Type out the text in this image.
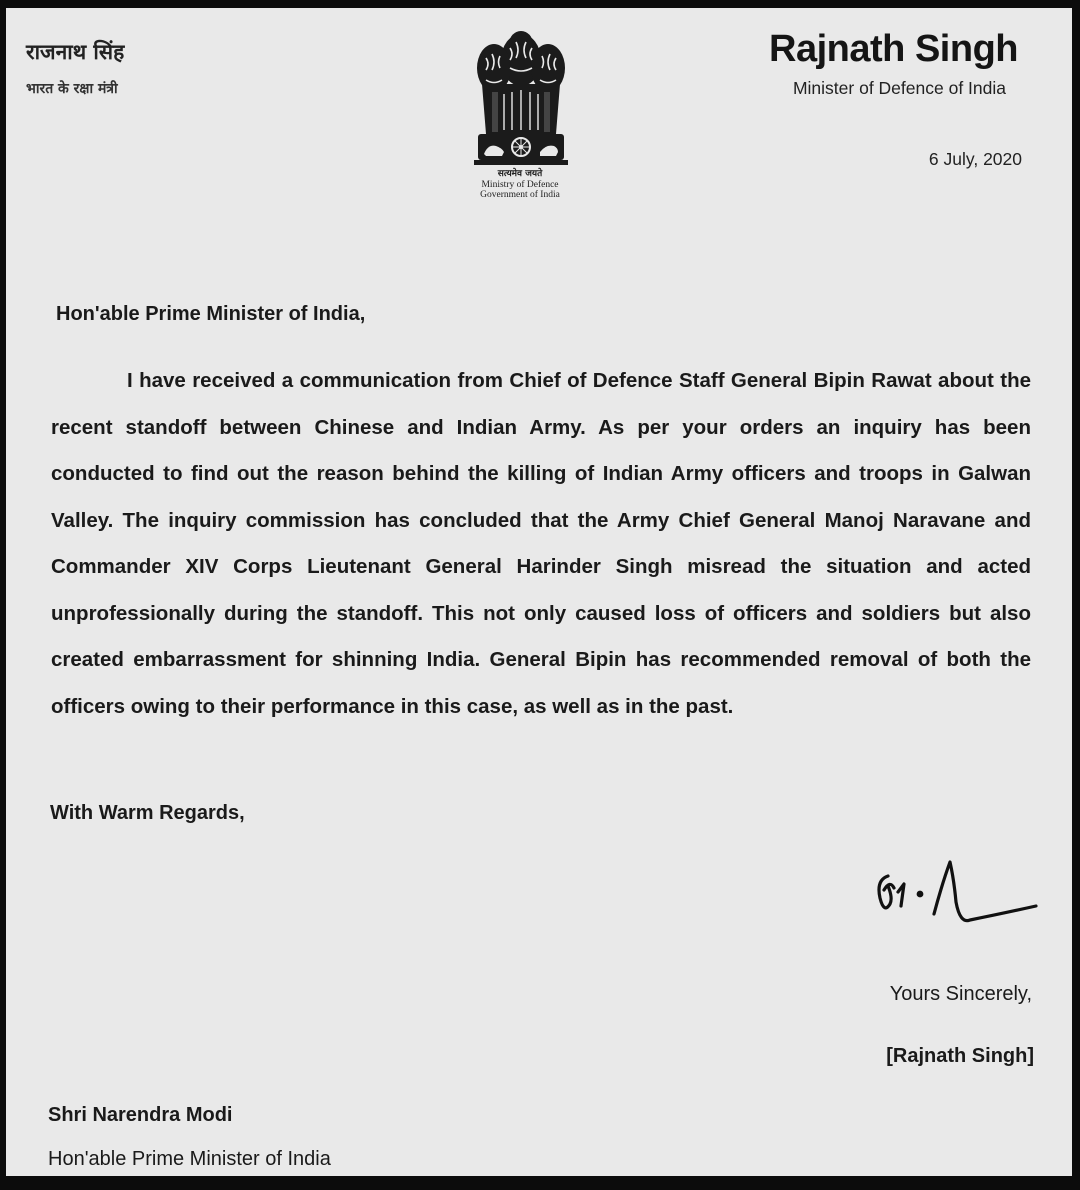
राजनाथ सिंह
भारत के रक्षा मंत्री
सत्यमेव जयते
Ministry of Defence
Government of India
Rajnath Singh
Minister of Defence of India
6 July, 2020
Hon'able Prime Minister of India,

I have received a communication from Chief of Defence Staff General Bipin Rawat about the recent standoff between Chinese and Indian Army. As per your orders an inquiry has been conducted to find out the reason behind the killing of Indian Army officers and troops in Galwan Valley. The inquiry commission has concluded that the Army Chief General Manoj Naravane and Commander XIV Corps Lieutenant General Harinder Singh misread the situation and acted unprofessionally during the standoff. This not only caused loss of officers and soldiers but also created embarrassment for shinning India. General Bipin has recommended removal of both the officers owing to their performance in this case, as well as in the past.

With Warm Regards,
Yours Sincerely,
[Rajnath Singh]
Shri Narendra Modi
Hon'able Prime Minister of India
